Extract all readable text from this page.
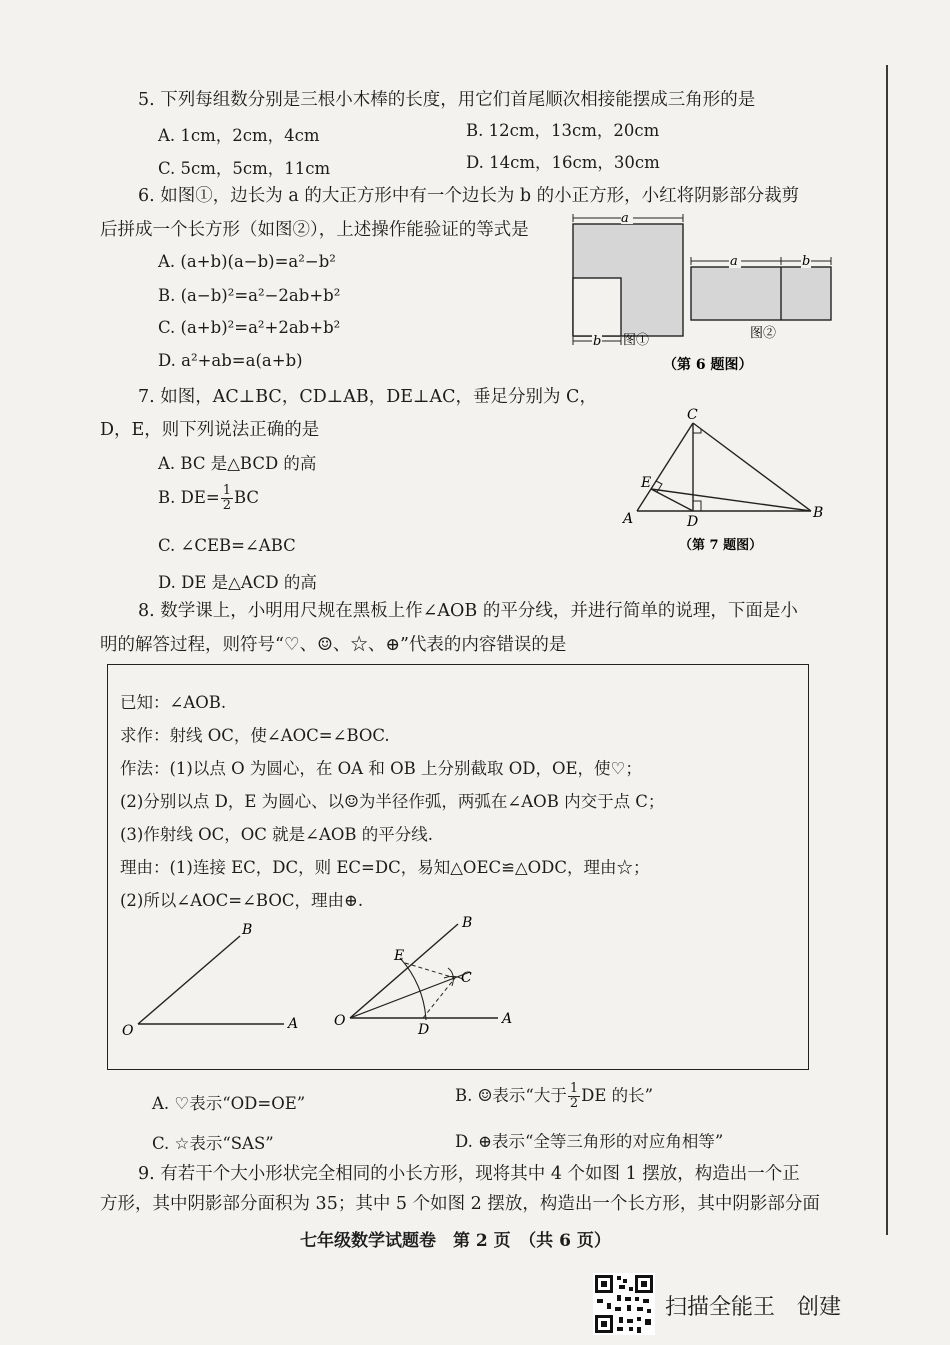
5. 下列每组数分别是三根小木棒的长度，用它们首尾顺次相接能摆成三角形的是
A. 1cm，2cm，4cm	B. 12cm，13cm，20cm
C. 5cm，5cm，11cm	D. 14cm，16cm，30cm
6. 如图①，边长为 a 的大正方形中有一个边长为 b 的小正方形，小红将阴影部分裁剪
后拼成一个长方形（如图②），上述操作能验证的等式是
A. (a+b)(a−b)=a²−b²
B. (a−b)²=a²−2ab+b²
C. (a+b)²=a²+2ab+b²
D. a²+ab=a(a+b)
a
b 图①
a	b
图②
（第 6 题图）
7. 如图，AC⊥BC，CD⊥AB，DE⊥AC，垂足分别为 C，
D，E，则下列说法正确的是
A. BC 是△BCD 的高
B. $DE= \frac{1}{2}$ BC
C. ∠CEB=∠ABC
D. DE 是△ACD 的高
C
E
A	D
B
（第 7 题图）
8. 数学课上，小明用尺规在黑板上作∠AOB 的平分线，并进行简单的说理，下面是小
明的解答过程，则符号“♡、☺、☆、⊕”代表的内容错误的是
已知：∠AOB.
求作：射线 OC，使∠AOC=∠BOC.
作法：(1)以点 O 为圆心，在 OA 和 OB 上分别截取 OD，OE，使♡；
(2)分别以点 D，E 为圆心、以☺为半径作弧，两弧在∠AOB 内交于点 C；
(3)作射线 OC，OC 就是∠AOB 的平分线.
理由：(1)连接 EC，DC，则 EC=DC，易知△OEC≌△ODC，理由☆；
(2)所以∠AOC=∠BOC，理由⊕.
O	A
B
O	A
B
C
D
E
A. ♡表示“OD=OE”	B. ☺表示“大于 $\frac{1}{2}$ DE 的长”
C. ☆表示“SAS”	D. ⊕表示“全等三角形的对应角相等”
9. 有若干个大小形状完全相同的小长方形，现将其中 4 个如图 1 摆放，构造出一个正
方形，其中阴影部分面积为 35；其中 5 个如图 2 摆放，构造出一个长方形，其中阴影部分面
七年级数学试题卷　第 2 页　（共 6 页）
扫描全能王　创建
